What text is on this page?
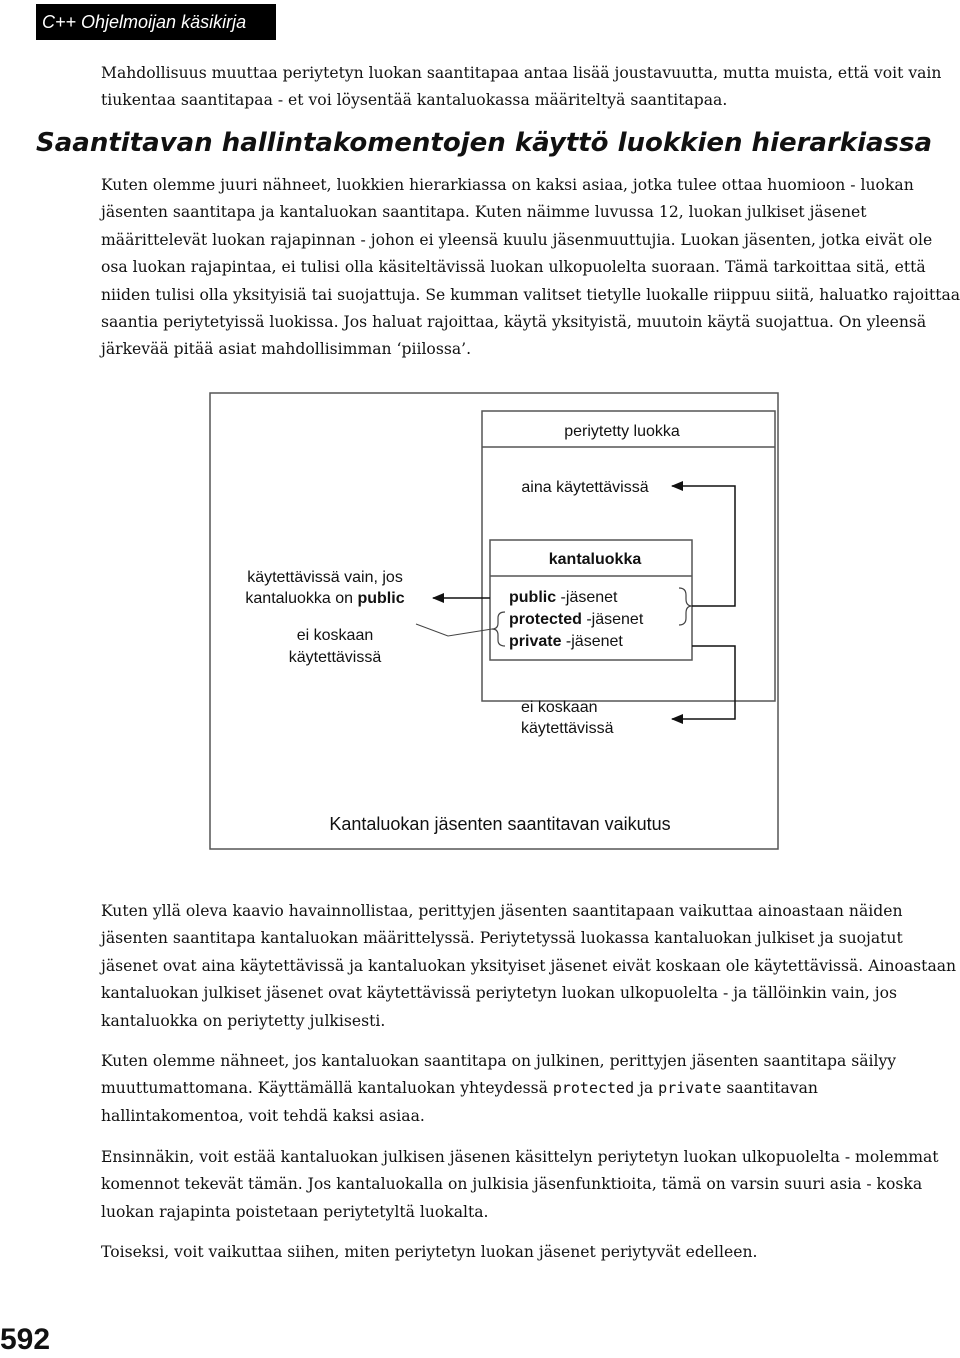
C++ Ohjelmoijan käsikirja

Mahdollisuus muuttaa periytetyn luokan saantitapaa antaa lisää joustavuutta, mutta muista, että voit vain tiukentaa saantitapaa - et voi löysentää kantaluokassa määriteltyä saantitapaa.

Saantitavan hallintakomentojen käyttö luokkien hierarkiassa

Kuten olemme juuri nähneet, luokkien hierarkiassa on kaksi asiaa, jotka tulee ottaa huomioon - luokan jäsenten saantitapa ja kantaluokan saantitapa. Kuten näimme luvussa 12, luokan julkiset jäsenet määrittelevät luokan rajapinnan - johon ei yleensä kuulu jäsenmuuttujia. Luokan jäsenten, jotka eivät ole osa luokan rajapintaa, ei tulisi olla käsiteltävissä luokan ulkopuolelta suoraan. Tämä tarkoittaa sitä, että niiden tulisi olla yksityisiä tai suojattuja. Se kumman valitset tietylle luokalle riippuu siitä, haluatko rajoittaa saantia periytetyissä luokissa. Jos haluat rajoittaa, käytä yksityistä, muutoin käytä suojattua. On yleensä järkevää pitää asiat mahdollisimman ‘piilossa’.

periytetty luokka
aina käytettävissä
kantaluokka
public -jäsenet
protected -jäsenet
private -jäsenet
käytettävissä vain, jos
kantaluokka on public
ei koskaan
käytettävissä
ei koskaan
käytettävissä
Kantaluokan jäsenten saantitavan vaikutus

Kuten yllä oleva kaavio havainnollistaa, perittyjen jäsenten saantitapaan vaikuttaa ainoastaan näiden jäsenten saantitapa kantaluokan määrittelyssä. Periytetyssä luokassa kantaluokan julkiset ja suojatut jäsenet ovat aina käytettävissä ja kantaluokan yksityiset jäsenet eivät koskaan ole käytettävissä. Ainoastaan kantaluokan julkiset jäsenet ovat käytettävissä periytetyn luokan ulkopuolelta - ja tällöinkin vain, jos kantaluokka on periytetty julkisesti.

Kuten olemme nähneet, jos kantaluokan saantitapa on julkinen, perittyjen jäsenten saantitapa säilyy muuttumattomana. Käyttämällä kantaluokan yhteydessä protected ja private saantitavan hallintakomentoa, voit tehdä kaksi asiaa.

Ensinnäkin, voit estää kantaluokan julkisen jäsenen käsittelyn periytetyn luokan ulkopuolelta - molemmat komennot tekevät tämän. Jos kantaluokalla on julkisia jäsenfunktioita, tämä on varsin suuri asia - koska luokan rajapinta poistetaan periytetyltä luokalta.

Toiseksi, voit vaikuttaa siihen, miten periytetyn luokan jäsenet periytyvät edelleen.

592
